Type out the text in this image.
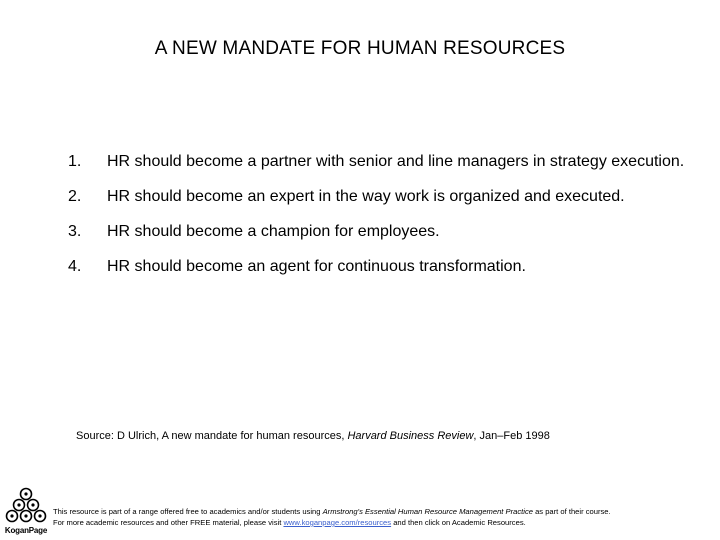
A NEW MANDATE FOR HUMAN RESOURCES
1.	HR should become a partner with senior and line managers in strategy execution.
2.	HR should become an expert in the way work is organized and executed.
3.	HR should become a champion for employees.
4.	HR should become an agent for continuous transformation.
Source: D Ulrich, A new mandate for human resources, Harvard Business Review, Jan–Feb 1998
KoganPage
This resource is part of a range offered free to academics and/or students using Armstrong's Essential Human Resource Management Practice as part of their course.
For more academic resources and other FREE material, please visit www.koganpage.com/resources and then click on Academic Resources.
